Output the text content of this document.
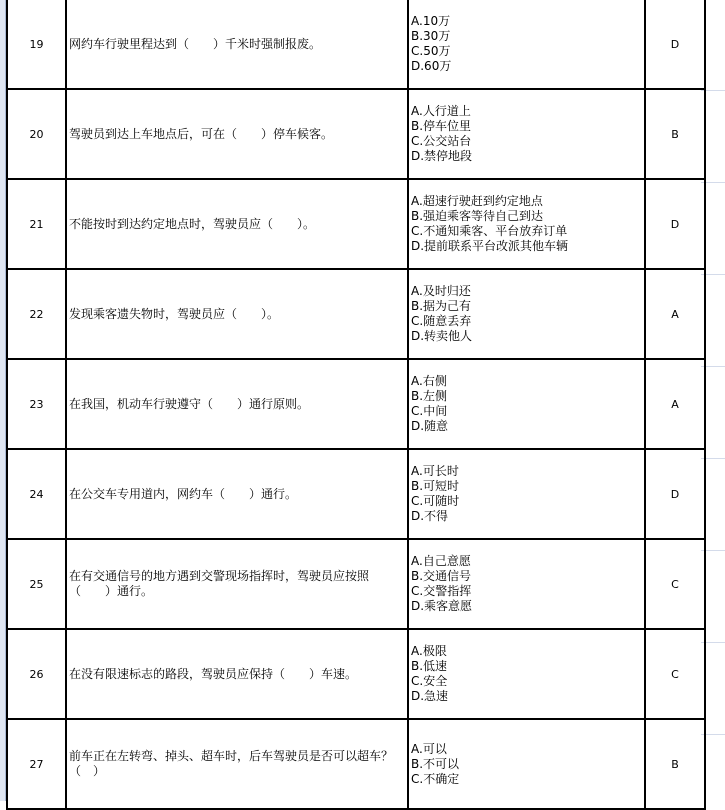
19	网约车行驶里程达到（　　）千米时强制报废。	A.10万
B.30万
C.50万
D.60万	D
20	驾驶员到达上车地点后，可在（　　）停车候客。	A.人行道上
B.停车位里
C.公交站台
D.禁停地段	B
21	不能按时到达约定地点时，驾驶员应（　　）。	A.超速行驶赶到约定地点
B.强迫乘客等待自己到达
C.不通知乘客、平台放弃订单
D.提前联系平台改派其他车辆	D
22	发现乘客遗失物时，驾驶员应（　　）。	A.及时归还
B.据为己有
C.随意丢弃
D.转卖他人	A
23	在我国，机动车行驶遵守（　　）通行原则。	A.右侧
B.左侧
C.中间
D.随意	A
24	在公交车专用道内，网约车（　　）通行。	A.可长时
B.可短时
C.可随时
D.不得	D
25	在有交通信号的地方遇到交警现场指挥时，驾驶员应按照（　　）通行。	A.自己意愿
B.交通信号
C.交警指挥
D.乘客意愿	C
26	在没有限速标志的路段，驾驶员应保持（　　）车速。	A.极限
B.低速
C.安全
D.急速	C
27	前车正在左转弯、掉头、超车时，后车驾驶员是否可以超车？（　）	A.可以
B.不可以
C.不确定	B
